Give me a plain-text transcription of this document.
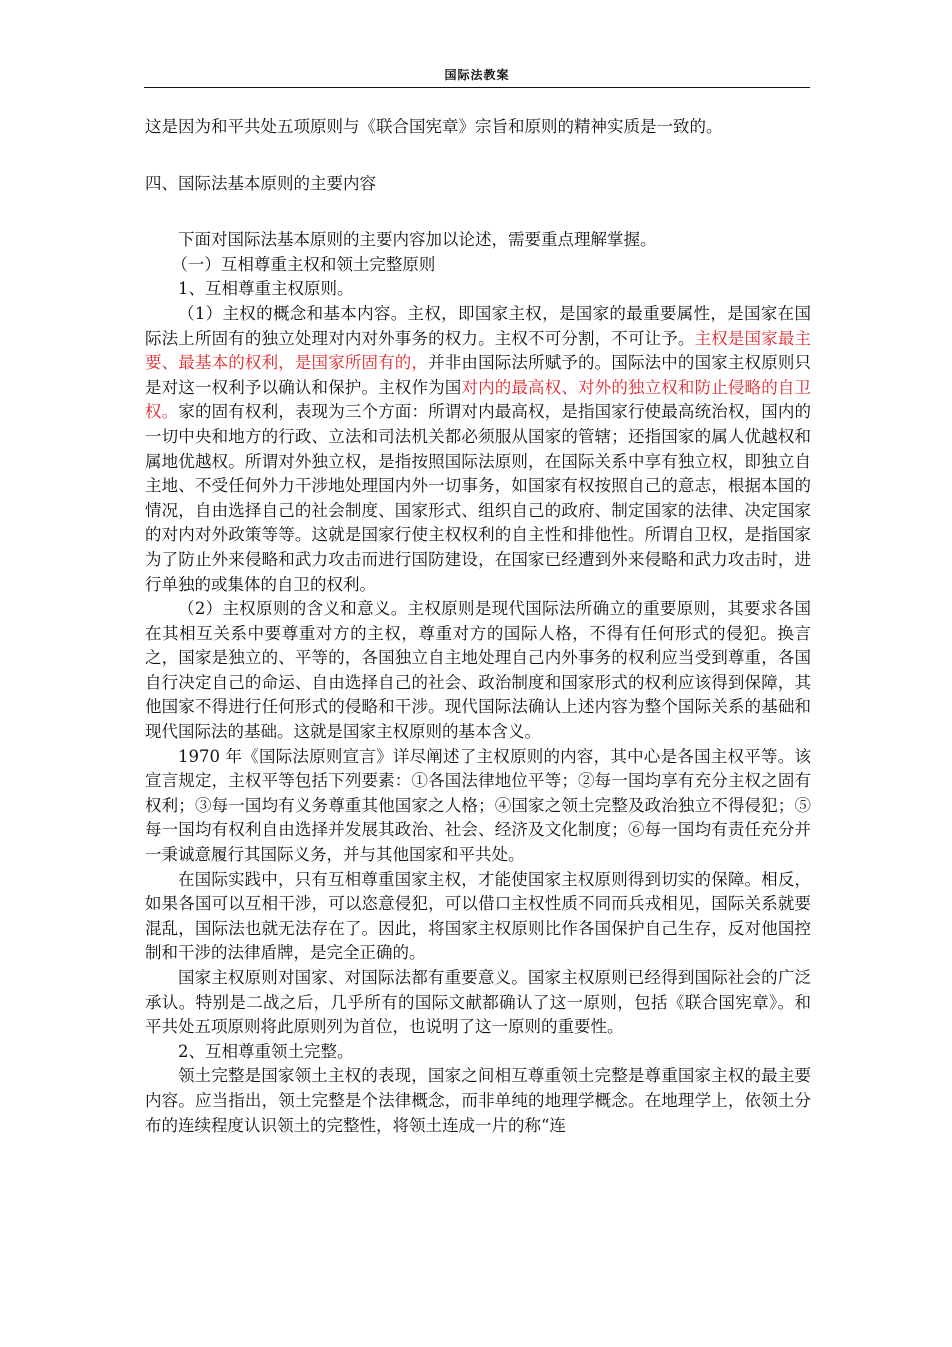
国际法教案

这是因为和平共处五项原则与《联合国宪章》宗旨和原则的精神实质是一致的。

四、国际法基本原则的主要内容

下面对国际法基本原则的主要内容加以论述，需要重点理解掌握。

（一）互相尊重主权和领土完整原则

1、互相尊重主权原则。

（1）主权的概念和基本内容。主权，即国家主权，是国家的最重要属性，是国家在国际法上所固有的独立处理对内对外事务的权力。主权不可分割，不可让予。主权是国家最主要、最基本的权利，是国家所固有的，并非由国际法所赋予的。国际法中的国家主权原则只是对这一权利予以确认和保护。主权作为国对内的最高权、对外的独立权和防止侵略的自卫权。家的固有权利，表现为三个方面：所谓对内最高权，是指国家行使最高统治权，国内的一切中央和地方的行政、立法和司法机关都必须服从国家的管辖；还指国家的属人优越权和属地优越权。所谓对外独立权，是指按照国际法原则，在国际关系中享有独立权，即独立自主地、不受任何外力干涉地处理国内外一切事务，如国家有权按照自己的意志，根据本国的情况，自由选择自己的社会制度、国家形式、组织自己的政府、制定国家的法律、决定国家的对内对外政策等等。这就是国家行使主权权利的自主性和排他性。所谓自卫权，是指国家为了防止外来侵略和武力攻击而进行国防建设，在国家已经遭到外来侵略和武力攻击时，进行单独的或集体的自卫的权利。

（2）主权原则的含义和意义。主权原则是现代国际法所确立的重要原则，其要求各国在其相互关系中要尊重对方的主权，尊重对方的国际人格，不得有任何形式的侵犯。换言之，国家是独立的、平等的，各国独立自主地处理自己内外事务的权利应当受到尊重，各国自行决定自己的命运、自由选择自己的社会、政治制度和国家形式的权利应该得到保障，其他国家不得进行任何形式的侵略和干涉。现代国际法确认上述内容为整个国际关系的基础和现代国际法的基础。这就是国家主权原则的基本含义。

1970 年《国际法原则宣言》详尽阐述了主权原则的内容，其中心是各国主权平等。该宣言规定，主权平等包括下列要素：①各国法律地位平等；②每一国均享有充分主权之固有权利；③每一国均有义务尊重其他国家之人格；④国家之领土完整及政治独立不得侵犯；⑤每一国均有权利自由选择并发展其政治、社会、经济及文化制度；⑥每一国均有责任充分并一秉诚意履行其国际义务，并与其他国家和平共处。

在国际实践中，只有互相尊重国家主权，才能使国家主权原则得到切实的保障。相反，如果各国可以互相干涉，可以恣意侵犯，可以借口主权性质不同而兵戎相见，国际关系就要混乱，国际法也就无法存在了。因此，将国家主权原则比作各国保护自己生存，反对他国控制和干涉的法律盾牌，是完全正确的。

国家主权原则对国家、对国际法都有重要意义。国家主权原则已经得到国际社会的广泛承认。特别是二战之后，几乎所有的国际文献都确认了这一原则，包括《联合国宪章》。和平共处五项原则将此原则列为首位，也说明了这一原则的重要性。

2、互相尊重领土完整。

领土完整是国家领土主权的表现，国家之间相互尊重领土完整是尊重国家主权的最主要内容。应当指出，领土完整是个法律概念，而非单纯的地理学概念。在地理学上，依领土分布的连续程度认识领土的完整性，将领土连成一片的称“连
